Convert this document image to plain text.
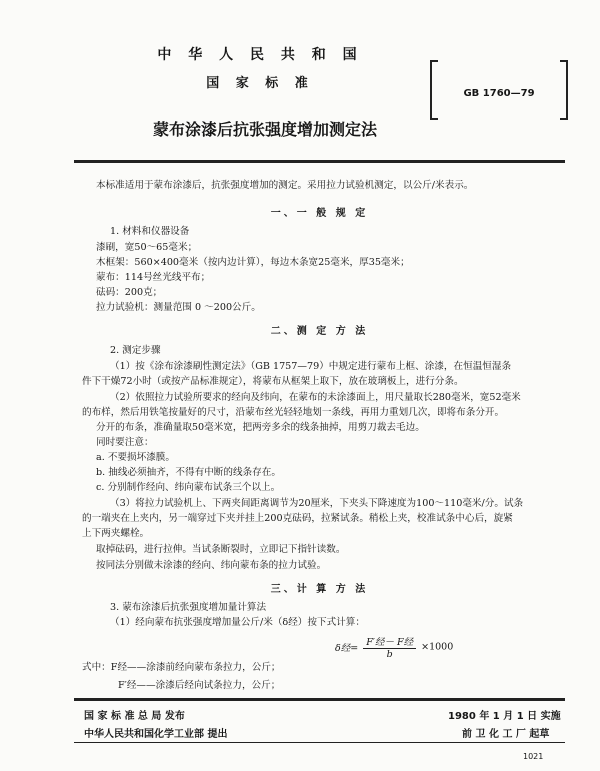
中 华 人 民 共 和 国
国 家 标 准
GB 1760—79
蒙布涂漆后抗张强度增加测定法
本标准适用于蒙布涂漆后，抗张强度增加的测定。采用拉力试验机测定，以公斤/米表示。
一、一 般 规 定
1. 材料和仪器设备
漆刷，宽50～65毫米；
木框架：560×400毫米（按内边计算），每边木条宽25毫米，厚35毫米；
蒙布：114号丝光线平布；
砝码：200克；
拉力试验机：测量范围 0 ～200公斤。
二、测 定 方 法
2. 测定步骤
（1）按《涂布涂漆刷性测定法》（GB 1757—79）中规定进行蒙布上框、涂漆，在恒温恒湿条
件下干燥72小时（或按产品标准规定），将蒙布从框架上取下，放在玻璃板上，进行分条。
（2）依照拉力试验所要求的经向及纬向，在蒙布的未涂漆面上，用尺量取长280毫米，宽52毫米
的布样，然后用铁笔按量好的尺寸，沿蒙布丝光轻轻地划一条线，再用力重划几次，即将布条分开。
分开的布条，准确量取50毫米宽，把两旁多余的线条抽掉，用剪刀裁去毛边。
同时要注意：
a. 不要损坏漆膜。
b. 抽线必须抽齐，不得有中断的线条存在。
c. 分别制作经向、纬向蒙布试条三个以上。
（3）将拉力试验机上、下两夹间距离调节为20厘米，下夹头下降速度为100～110毫米/分。试条
的一端夹在上夹内，另一端穿过下夹并挂上200克砝码，拉紧试条。稍松上夹，校准试条中心后，旋紧
上下两夹螺栓。
取掉砝码，进行拉伸。当试条断裂时，立即记下指针读数。
按同法分别做未涂漆的经向、纬向蒙布条的拉力试验。
三、计 算 方 法
3. 蒙布涂漆后抗张强度增加量计算法
（1）经向蒙布抗张强度增加量公斤/米（δ经）按下式计算：
δ经= $\frac{\text{F′经－ F经}}{b} \times 1000$
式中：F经——涂漆前经向蒙布条拉力，公斤；
F′经——涂漆后经向试条拉力，公斤；
国 家 标 准 总 局 发布	1980 年 1 月 1 日 实施
中华人民共和国化学工业部 提出	前 卫 化 工 厂 起草
1021
